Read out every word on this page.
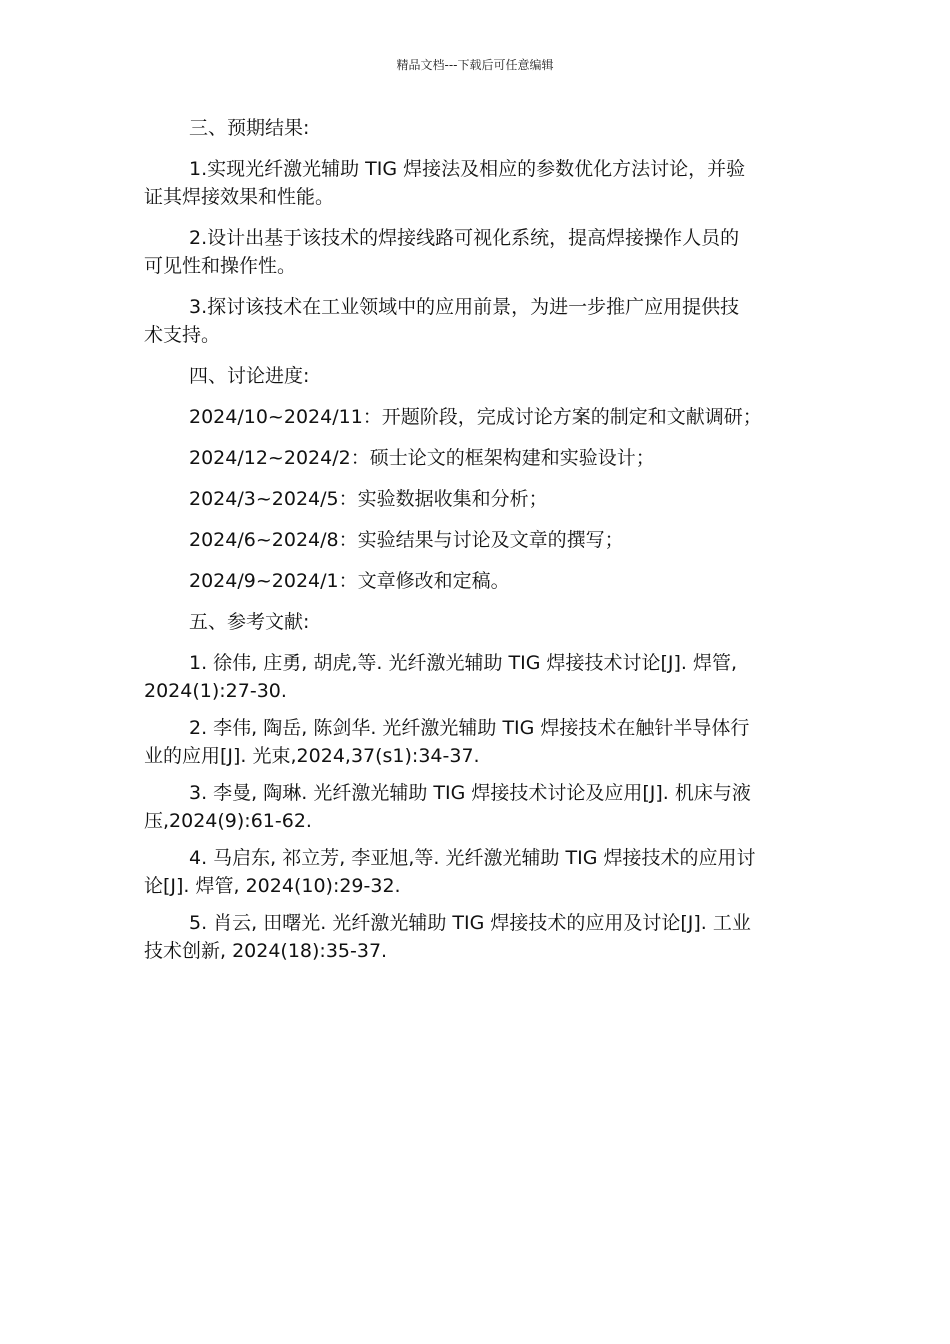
精品文档---下载后可任意编辑

三、预期结果:

1.实现光纤激光辅助 TIG 焊接法及相应的参数优化方法讨论，并验
证其焊接效果和性能。

2.设计出基于该技术的焊接线路可视化系统，提高焊接操作人员的
可见性和操作性。

3.探讨该技术在工业领域中的应用前景，为进一步推广应用提供技
术支持。

四、讨论进度:

2024/10~2024/11：开题阶段，完成讨论方案的制定和文献调研；

2024/12~2024/2：硕士论文的框架构建和实验设计；

2024/3~2024/5：实验数据收集和分析；

2024/6~2024/8：实验结果与讨论及文章的撰写；

2024/9~2024/1：文章修改和定稿。

五、参考文献:

1. 徐伟, 庄勇, 胡虎,等. 光纤激光辅助 TIG 焊接技术讨论[J]. 焊管,
2024(1):27-30.

2. 李伟, 陶岳, 陈剑华. 光纤激光辅助 TIG 焊接技术在触针半导体行
业的应用[J]. 光束,2024,37(s1):34-37.

3. 李曼, 陶琳. 光纤激光辅助 TIG 焊接技术讨论及应用[J]. 机床与液
压,2024(9):61-62.

4. 马启东, 祁立芳, 李亚旭,等. 光纤激光辅助 TIG 焊接技术的应用讨
论[J]. 焊管, 2024(10):29-32.

5. 肖云, 田曙光. 光纤激光辅助 TIG 焊接技术的应用及讨论[J]. 工业
技术创新, 2024(18):35-37.
